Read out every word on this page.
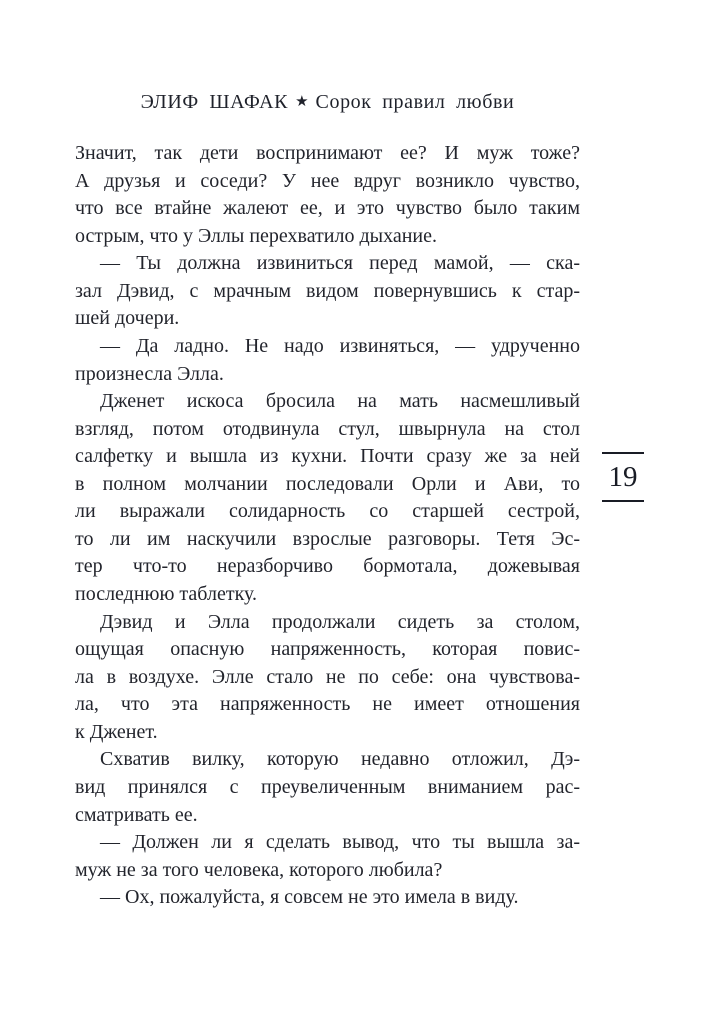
ЭЛИФ ШАФАК ★ Сорок правил любви
Значит, так дети воспринимают ее? И муж тоже?
А друзья и соседи? У нее вдруг возникло чувство,
что все втайне жалеют ее, и это чувство было таким
острым, что у Эллы перехватило дыхание.
— Ты должна извиниться перед мамой, — ска-
зал Дэвид, с мрачным видом повернувшись к стар-
шей дочери.
— Да ладно. Не надо извиняться, — удрученно
произнесла Элла.
Дженет искоса бросила на мать насмешливый
взгляд, потом отодвинула стул, швырнула на стол
салфетку и вышла из кухни. Почти сразу же за ней
в полном молчании последовали Орли и Ави, то
ли выражали солидарность со старшей сестрой,
то ли им наскучили взрослые разговоры. Тетя Эс-
тер что-то неразборчиво бормотала, дожевывая
последнюю таблетку.
Дэвид и Элла продолжали сидеть за столом,
ощущая опасную напряженность, которая повис-
ла в воздухе. Элле стало не по себе: она чувствова-
ла, что эта напряженность не имеет отношения
к Дженет.
Схватив вилку, которую недавно отложил, Дэ-
вид принялся с преувеличенным вниманием рас-
сматривать ее.
— Должен ли я сделать вывод, что ты вышла за-
муж не за того человека, которого любила?
— Ох, пожалуйста, я совсем не это имела в виду.
19
